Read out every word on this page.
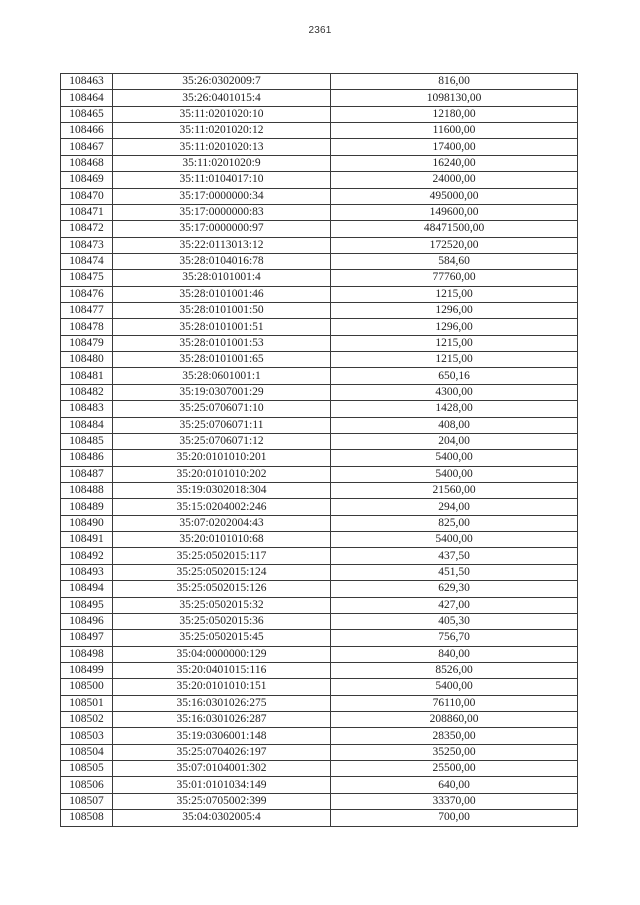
2361
108463	35:26:0302009:7	816,00
108464	35:26:0401015:4	1098130,00
108465	35:11:0201020:10	12180,00
108466	35:11:0201020:12	11600,00
108467	35:11:0201020:13	17400,00
108468	35:11:0201020:9	16240,00
108469	35:11:0104017:10	24000,00
108470	35:17:0000000:34	495000,00
108471	35:17:0000000:83	149600,00
108472	35:17:0000000:97	48471500,00
108473	35:22:0113013:12	172520,00
108474	35:28:0104016:78	584,60
108475	35:28:0101001:4	77760,00
108476	35:28:0101001:46	1215,00
108477	35:28:0101001:50	1296,00
108478	35:28:0101001:51	1296,00
108479	35:28:0101001:53	1215,00
108480	35:28:0101001:65	1215,00
108481	35:28:0601001:1	650,16
108482	35:19:0307001:29	4300,00
108483	35:25:0706071:10	1428,00
108484	35:25:0706071:11	408,00
108485	35:25:0706071:12	204,00
108486	35:20:0101010:201	5400,00
108487	35:20:0101010:202	5400,00
108488	35:19:0302018:304	21560,00
108489	35:15:0204002:246	294,00
108490	35:07:0202004:43	825,00
108491	35:20:0101010:68	5400,00
108492	35:25:0502015:117	437,50
108493	35:25:0502015:124	451,50
108494	35:25:0502015:126	629,30
108495	35:25:0502015:32	427,00
108496	35:25:0502015:36	405,30
108497	35:25:0502015:45	756,70
108498	35:04:0000000:129	840,00
108499	35:20:0401015:116	8526,00
108500	35:20:0101010:151	5400,00
108501	35:16:0301026:275	76110,00
108502	35:16:0301026:287	208860,00
108503	35:19:0306001:148	28350,00
108504	35:25:0704026:197	35250,00
108505	35:07:0104001:302	25500,00
108506	35:01:0101034:149	640,00
108507	35:25:0705002:399	33370,00
108508	35:04:0302005:4	700,00
